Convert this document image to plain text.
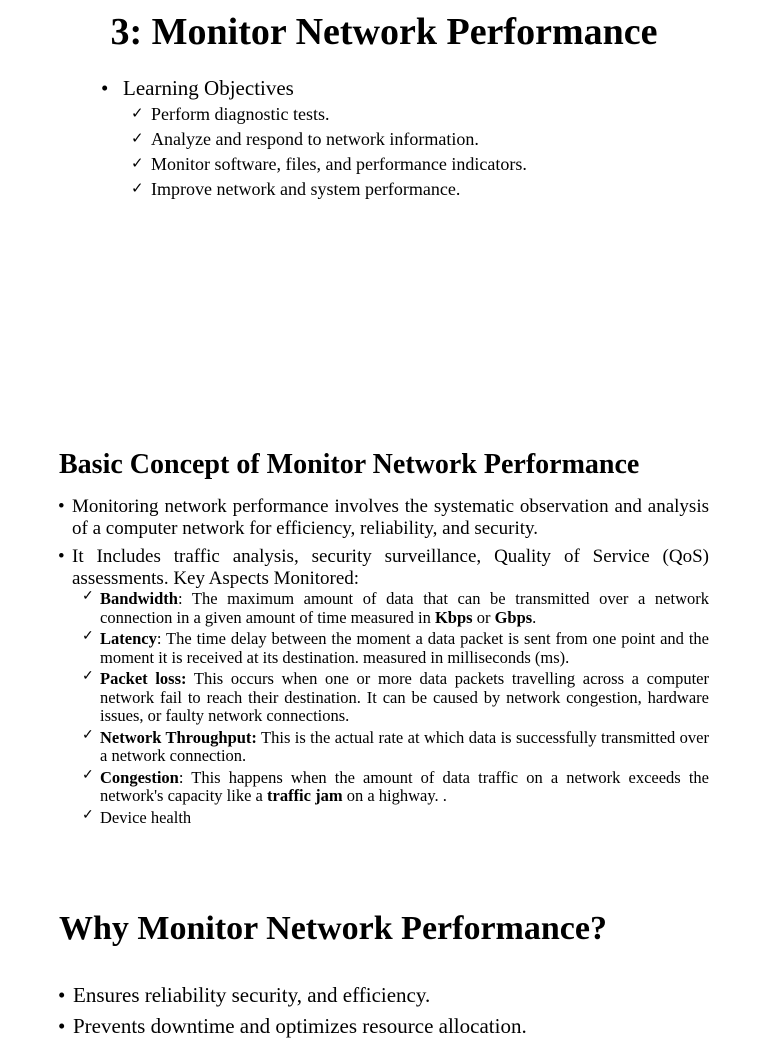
3: Monitor Network Performance
• Learning Objectives
✓ Perform diagnostic tests.
✓ Analyze and respond to network information.
✓ Monitor software, files, and performance indicators.
✓ Improve network and system performance.
Basic Concept of Monitor Network Performance
• Monitoring network performance involves the systematic observation and analysis of a computer network for efficiency, reliability, and security.
• It Includes traffic analysis, security surveillance, Quality of Service (QoS) assessments. Key Aspects Monitored:
✓ Bandwidth: The maximum amount of data that can be transmitted over a network connection in a given amount of time measured in Kbps or Gbps.
✓ Latency: The time delay between the moment a data packet is sent from one point and the moment it is received at its destination. measured in milliseconds (ms).
✓ Packet loss: This occurs when one or more data packets travelling across a computer network fail to reach their destination. It can be caused by network congestion, hardware issues, or faulty network connections.
✓ Network Throughput: This is the actual rate at which data is successfully transmitted over a network connection.
✓ Congestion: This happens when the amount of data traffic on a network exceeds the network's capacity like a traffic jam on a highway. .
✓ Device health
Why Monitor Network Performance?
• Ensures reliability security, and efficiency.
• Prevents downtime and optimizes resource allocation.
